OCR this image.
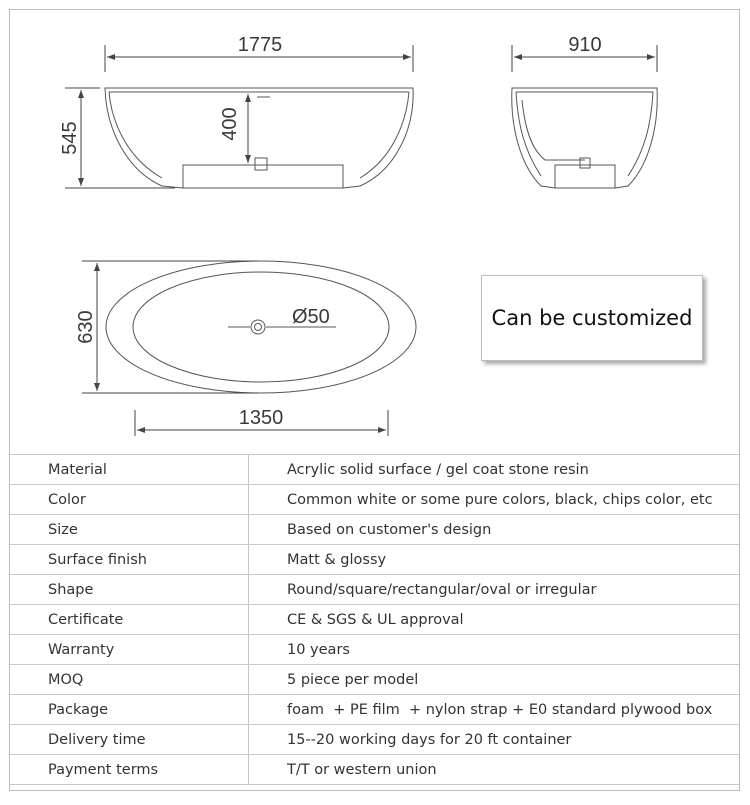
1775
545	400
910
Ø50
630
1350
Can be customized
Material	Acrylic solid surface / gel coat stone resin
Color	Common white or some pure colors, black, chips color, etc
Size	Based on customer's design
Surface finish	Matt & glossy
Shape	Round/square/rectangular/oval or irregular
Certificate	CE & SGS & UL approval
Warranty	10 years
MOQ	5 piece per model
Package	foam  + PE film  + nylon strap + E0 standard plywood box
Delivery time	15--20 working days for 20 ft container
Payment terms	T/T or western union
